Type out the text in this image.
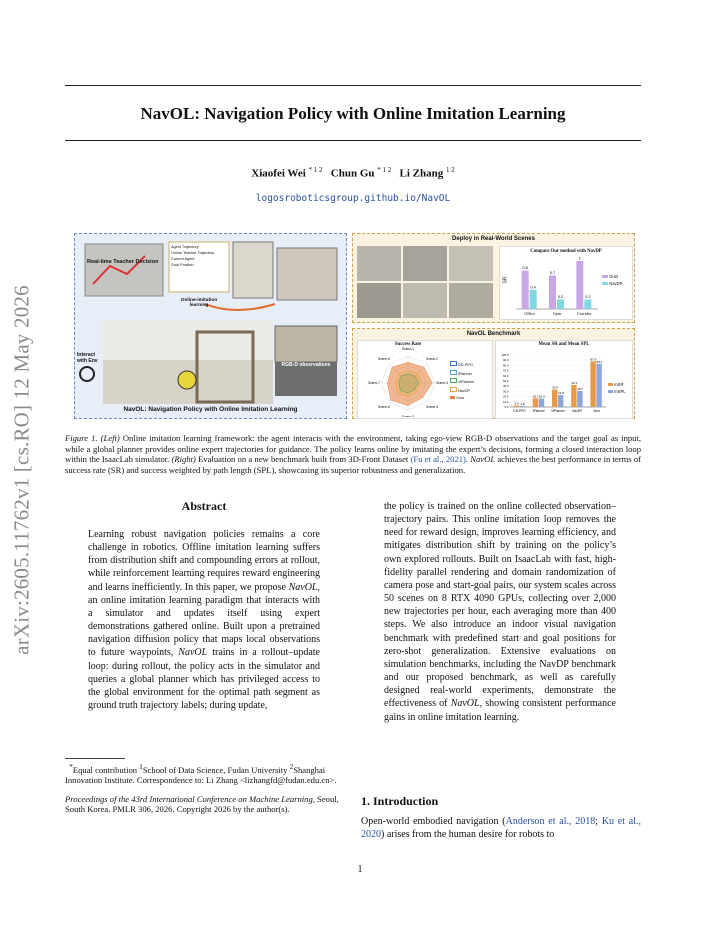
arXiv:2605.11762v1 [cs.RO] 12 May 2026
NavOL: Navigation Policy with Online Imitation Learning
Xiaofei Wei $^{* 1 2}$ Chun Gu $^{* 1 2}$ Li Zhang $^{1 2}$
logosroboticsgroup.github.io/NavOL
Real-time Teacher Decision
Agent Trajectory
Online Teacher Trajectory
Current Agent
Goal Position
Online-imitation learning
Interact with Env
RGB-D observations
NavOL: Navigation Policy with Online Imitation Learning
Deploy in Real-World Scenes
Compare Our method with NavDP
SR
0.8
0.4
Office
0.7
0.2
Gym
1
0.2
Corridor
Ours
NavDP
NavOL Benchmark
Success Rate
Scene-1
Scene-2
Scene-3
Scene-4
Scene-5
Scene-6
Scene-7
Scene-8
DD-PPO
iPlanner
ViPlanner
NavDP
Ours
Mean SR and Mean SPL
0.0
10.0
20.0
30.0
40.0
50.0
60.0
70.0
80.0
90.0
100.0
2.9 1.8
DD-PPO
16.7 16.4
iPlanner
33.6
22.8
ViPlanner
42.3
30.7
NavDP
87.9
83.1
Ours
mSR
mSPL
Figure 1. (Left) Online imitation learning framework: the agent interacts with the environment, taking ego-view RGB-D observations and the target goal as input, while a global planner provides online expert trajectories for guidance. The policy learns online by imitating the expert’s decisions, forming a closed interaction loop within the IsaacLab simulator. (Right) Evaluation on a new benchmark built from 3D-Front Dataset (Fu et al., 2021). NavOL achieves the best performance in terms of success rate (SR) and success weighted by path length (SPL), showcasing its superior robustness and generalization.
Abstract
Learning robust navigation policies remains a core challenge in robotics. Offline imitation learning suffers from distribution shift and compounding errors at rollout, while reinforcement learning requires reward engineering and learns inefficiently. In this paper, we propose NavOL, an online imitation learning paradigm that interacts with a simulator and updates itself using expert demonstrations gathered online. Built upon a pretrained navigation diffusion policy that maps local observations to future waypoints, NavOL trains in a rollout–update loop: during rollout, the policy acts in the simulator and queries a global planner which has privileged access to the global environment for the optimal path segment as ground truth trajectory labels; during update,
the policy is trained on the online collected observation–trajectory pairs. This online imitation loop removes the need for reward design, improves learning efficiency, and mitigates distribution shift by training on the policy’s own explored rollouts. Built on IsaacLab with fast, high-fidelity parallel rendering and domain randomization of camera pose and start-goal pairs, our system scales across 50 scenes on 8 RTX 4090 GPUs, collecting over 2,000 new trajectories per hour, each averaging more than 400 steps. We also introduce an indoor visual navigation benchmark with predefined start and goal positions for zero-shot generalization. Extensive evaluations on simulation benchmarks, including the NavDP benchmark and our proposed benchmark, as well as carefully designed real-world experiments, demonstrate the effectiveness of NavOL, showing consistent performance gains in online imitation learning.
*Equal contribution $^1$School of Data Science, Fudan University $^2$Shanghai Innovation Institute. Correspondence to: Li Zhang <lizhangfd@fudan.edu.cn>.
Proceedings of the 43rd International Conference on Machine Learning, Seoul, South Korea. PMLR 306, 2026. Copyright 2026 by the author(s).
1. Introduction
Open-world embodied navigation (Anderson et al., 2018; Ku et al., 2020) arises from the human desire for robots to
1
